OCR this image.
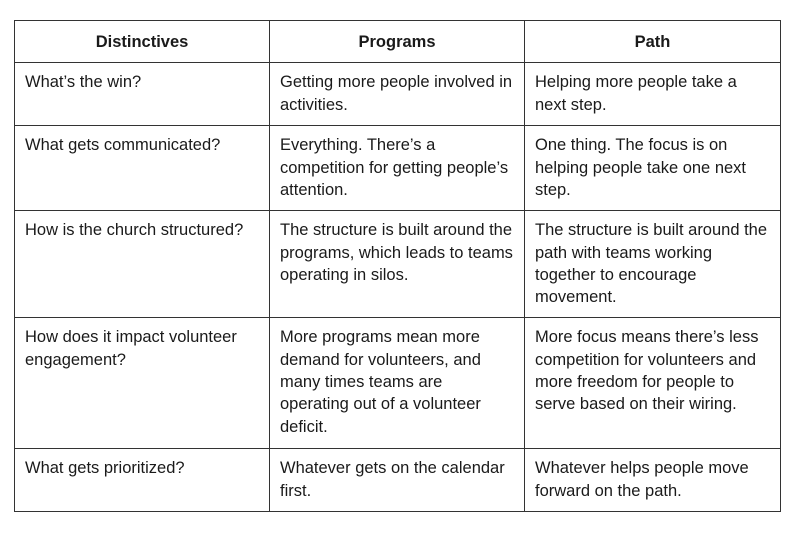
Distinctives	Programs	Path
What’s the win?	Getting more people involved in activities.	Helping more people take a next step.
What gets communicated?	Everything. There’s a competition for getting people’s attention.	One thing. The focus is on helping people take one next step.
How is the church structured?	The structure is built around the programs, which leads to teams operating in silos.	The structure is built around the path with teams working together to encourage movement.
How does it impact volunteer engagement?	More programs mean more demand for volunteers, and many times teams are operating out of a volunteer deficit.	More focus means there’s less competition for volunteers and more freedom for people to serve based on their wiring.
What gets prioritized?	Whatever gets on the calendar first.	Whatever helps people move forward on the path.
